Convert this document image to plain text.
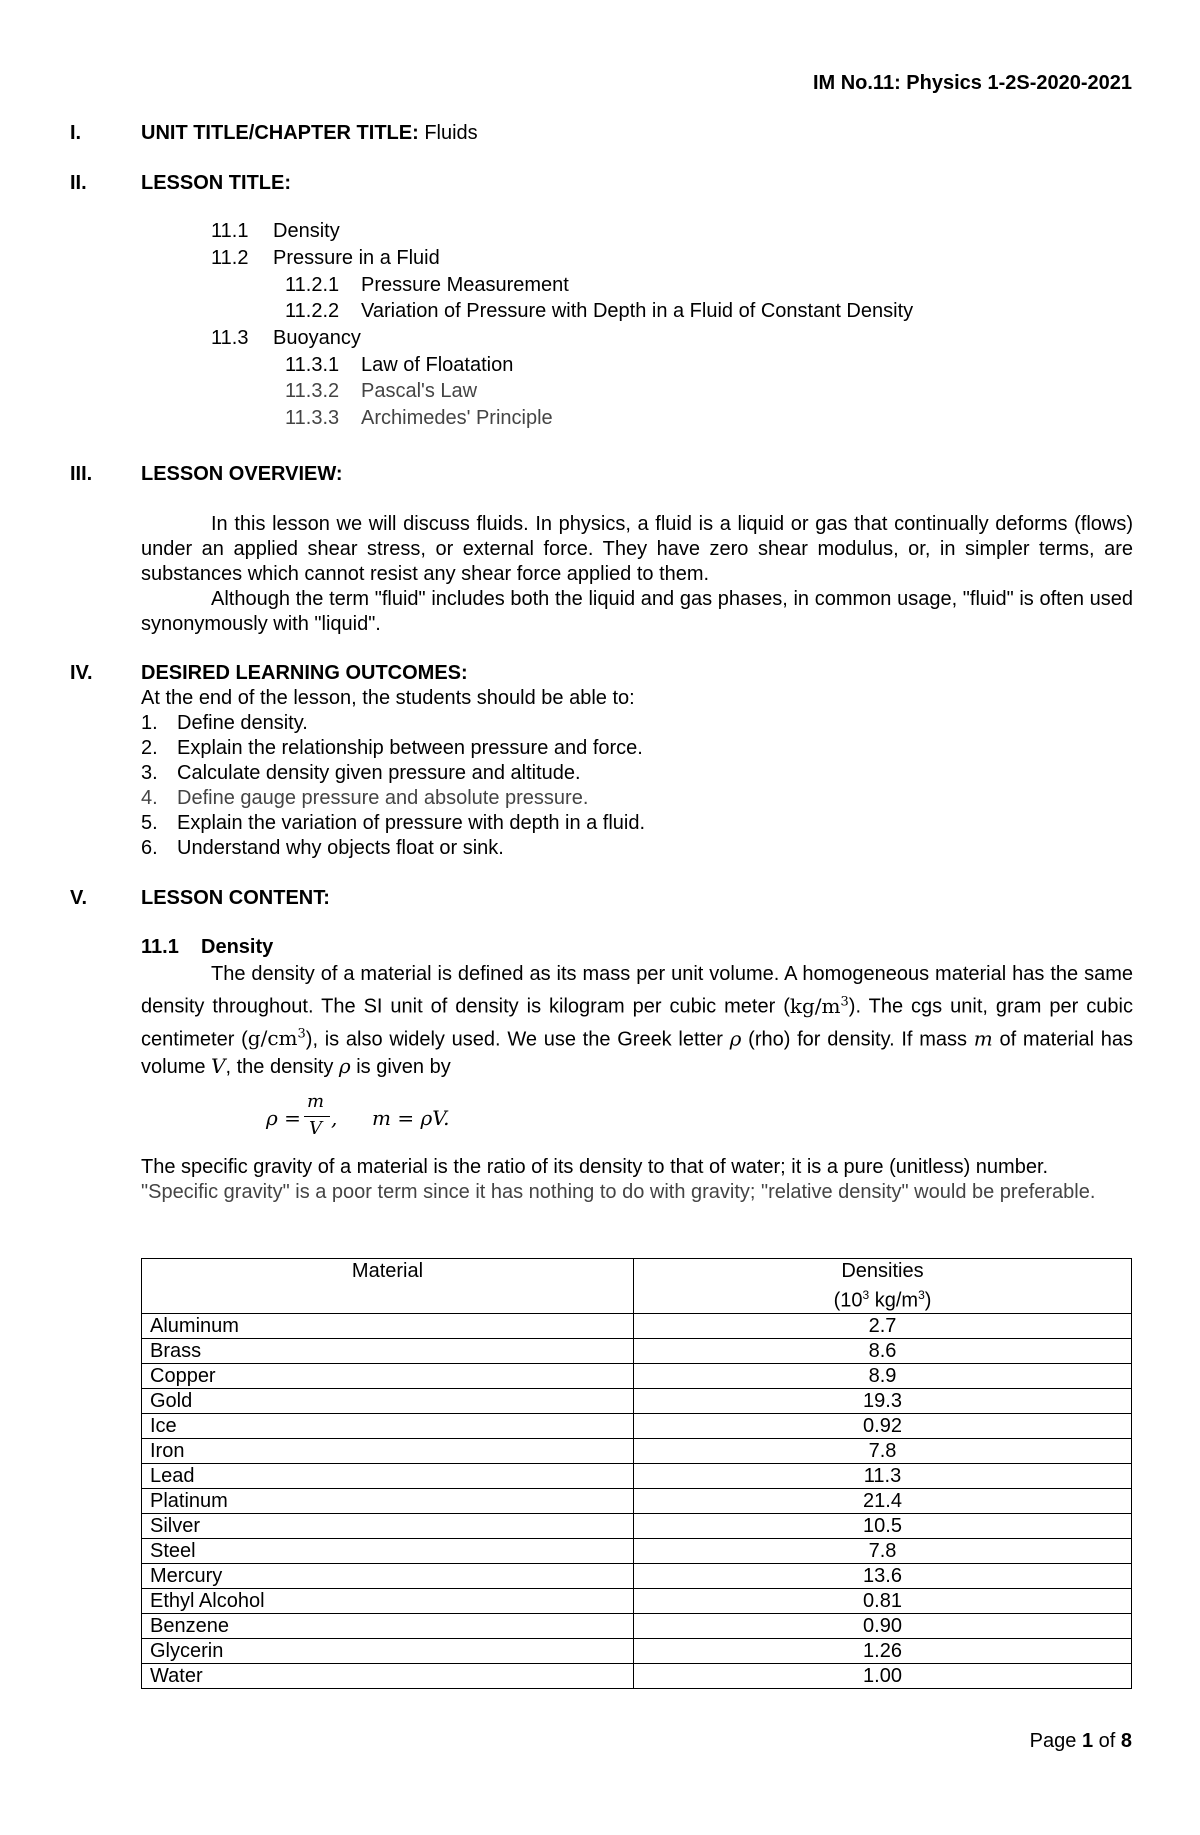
IM No.11: Physics 1-2S-2020-2021
I.	UNIT TITLE/CHAPTER TITLE: Fluids
II.	LESSON TITLE:
11.1 Density
11.2 Pressure in a Fluid
11.2.1 Pressure Measurement
11.2.2 Variation of Pressure with Depth in a Fluid of Constant Density
11.3 Buoyancy
11.3.1 Law of Floatation
11.3.2 Pascal's Law
11.3.3 Archimedes' Principle
III. LESSON OVERVIEW:

In this lesson we will discuss fluids. In physics, a fluid is a liquid or gas that continually deforms (flows) under an applied shear stress, or external force. They have zero shear modulus, or, in simpler terms, are substances which cannot resist any shear force applied to them.

Although the term "fluid" includes both the liquid and gas phases, in common usage, "fluid" is often used synonymously with "liquid".

IV. DESIRED LEARNING OUTCOMES:
At the end of the lesson, the students should be able to:
1. Define density.
2. Explain the relationship between pressure and force.
3. Calculate density given pressure and altitude.
4. Define gauge pressure and absolute pressure.
5. Explain the variation of pressure with depth in a fluid.
6. Understand why objects float or sink.
V.	LESSON CONTENT:
11.1 Density

The density of a material is defined as its mass per unit volume. A homogeneous material has the same density throughout. The SI unit of density is kilogram per cubic meter $(kg/m^3)$. The cgs unit, gram per cubic centimeter $(g/cm^3)$, is also widely used. We use the Greek letter ρ (rho) for density. If mass m of material has volume V, the density ρ is given by

ρ =
m
V , m = ρV.

The specific gravity of a material is the ratio of its density to that of water; it is a pure (unitless) number.

"Specific gravity" is a poor term since it has nothing to do with gravity; "relative density" would be preferable.

Material	Densities
($10^3$ $kg/m^3$)

Aluminum	2.7
Brass	8.6
Copper	8.9
Gold	19.3
Ice	0.92
Iron	7.8
Lead	11.3
Platinum	21.4
Silver	10.5
Steel	7.8
Mercury	13.6
Ethyl Alcohol	0.81
Benzene	0.90
Glycerin	1.26
Water	1.00
Page 1 of 8
